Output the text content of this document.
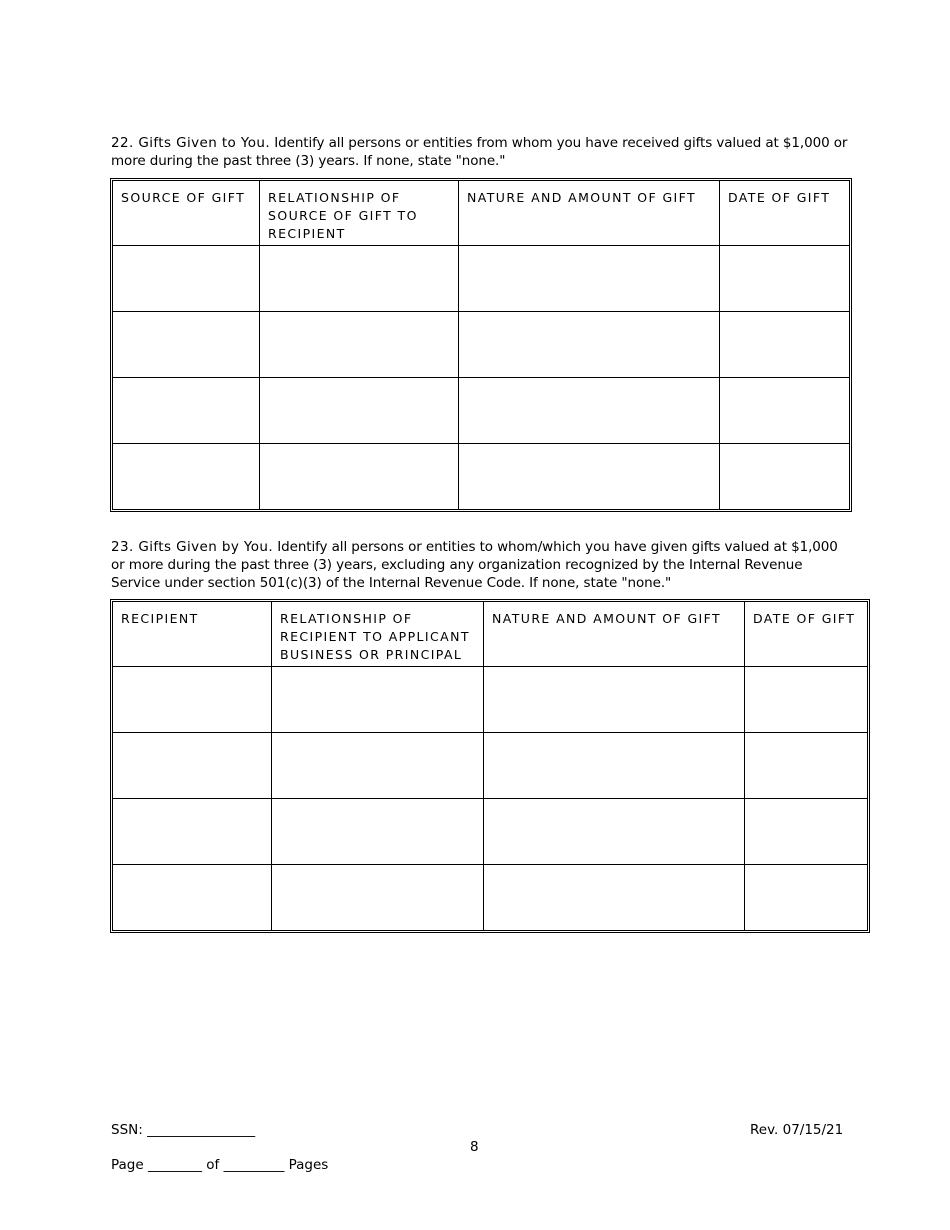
22. Gifts Given to You. Identify all persons or entities from whom you have received gifts valued at $1,000 or more during the past three (3) years. If none, state "none."
SOURCE OF GIFT	RELATIONSHIP OF SOURCE OF GIFT TO RECIPIENT	NATURE AND AMOUNT OF GIFT	DATE OF GIFT

23. Gifts Given by You. Identify all persons or entities to whom/which you have given gifts valued at $1,000 or more during the past three (3) years, excluding any organization recognized by the Internal Revenue Service under section 501(c)(3) of the Internal Revenue Code. If none, state "none."
RECIPIENT	RELATIONSHIP OF RECIPIENT TO APPLICANT BUSINESS OR PRINCIPAL	NATURE AND AMOUNT OF GIFT	DATE OF GIFT

SSN: ________________	Rev. 07/15/21
8
Page ________ of _________ Pages
